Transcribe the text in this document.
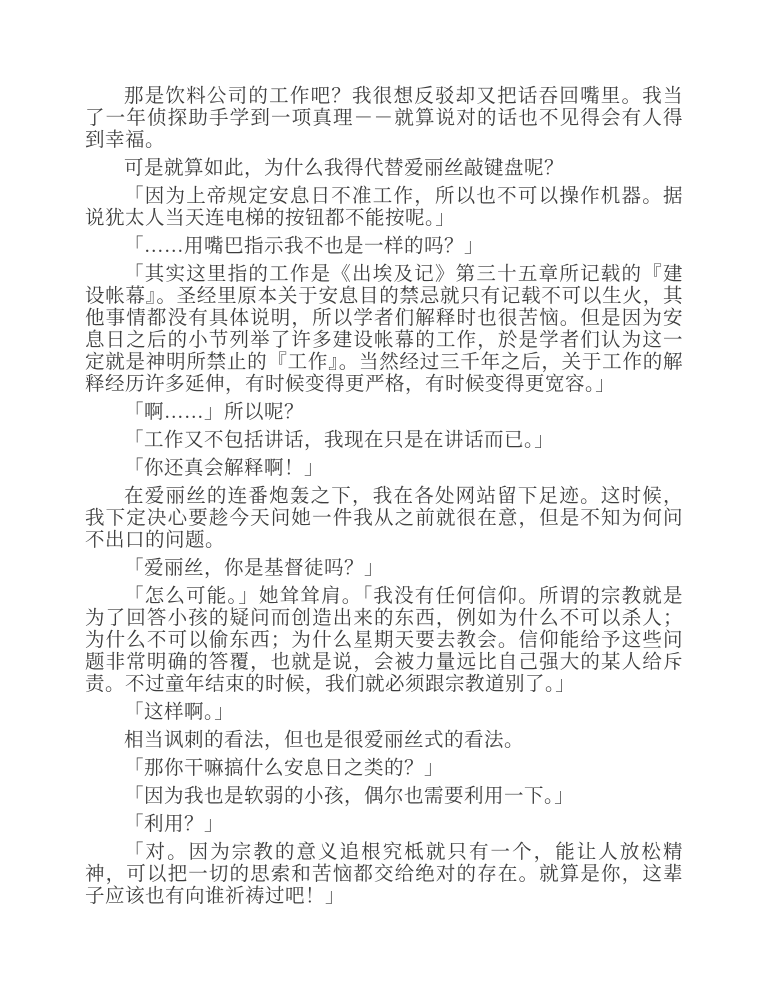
那是饮料公司的工作吧？我很想反驳却又把话吞回嘴里。我当了一年侦探助手学到一项真理－－就算说对的话也不见得会有人得到幸福。

可是就算如此，为什么我得代替爱丽丝敲键盘呢？

「因为上帝规定安息日不准工作，所以也不可以操作机器。据说犹太人当天连电梯的按钮都不能按呢。」

「……用嘴巴指示我不也是一样的吗？」

「其实这里指的工作是《出埃及记》第三十五章所记载的『建设帐幕』。圣经里原本关于安息目的禁忌就只有记载不可以生火，其他事情都没有具体说明，所以学者们解释时也很苦恼。但是因为安息日之后的小节列举了许多建设帐幕的工作，於是学者们认为这一定就是神明所禁止的『工作』。当然经过三千年之后，关于工作的解释经历许多延伸，有时候变得更严格，有时候变得更宽容。」

「啊……」所以呢？

「工作又不包括讲话，我现在只是在讲话而已。」

「你还真会解释啊！」

在爱丽丝的连番炮轰之下，我在各处网站留下足迹。这时候，我下定决心要趁今天问她一件我从之前就很在意，但是不知为何问不出口的问题。

「爱丽丝，你是基督徒吗？」

「怎么可能。」她耸耸肩。「我没有任何信仰。所谓的宗教就是为了回答小孩的疑问而创造出来的东西，例如为什么不可以杀人；为什么不可以偷东西；为什么星期天要去教会。信仰能给予这些问题非常明确的答覆，也就是说，会被力量远比自己强大的某人给斥责。不过童年结束的时候，我们就必须跟宗教道别了。」

「这样啊。」

相当讽刺的看法，但也是很爱丽丝式的看法。

「那你干嘛搞什么安息日之类的？」

「因为我也是软弱的小孩，偶尔也需要利用一下。」

「利用？」

「对。因为宗教的意义追根究柢就只有一个，能让人放松精神，可以把一切的思索和苦恼都交给绝对的存在。就算是你，这辈子应该也有向谁祈祷过吧！」
